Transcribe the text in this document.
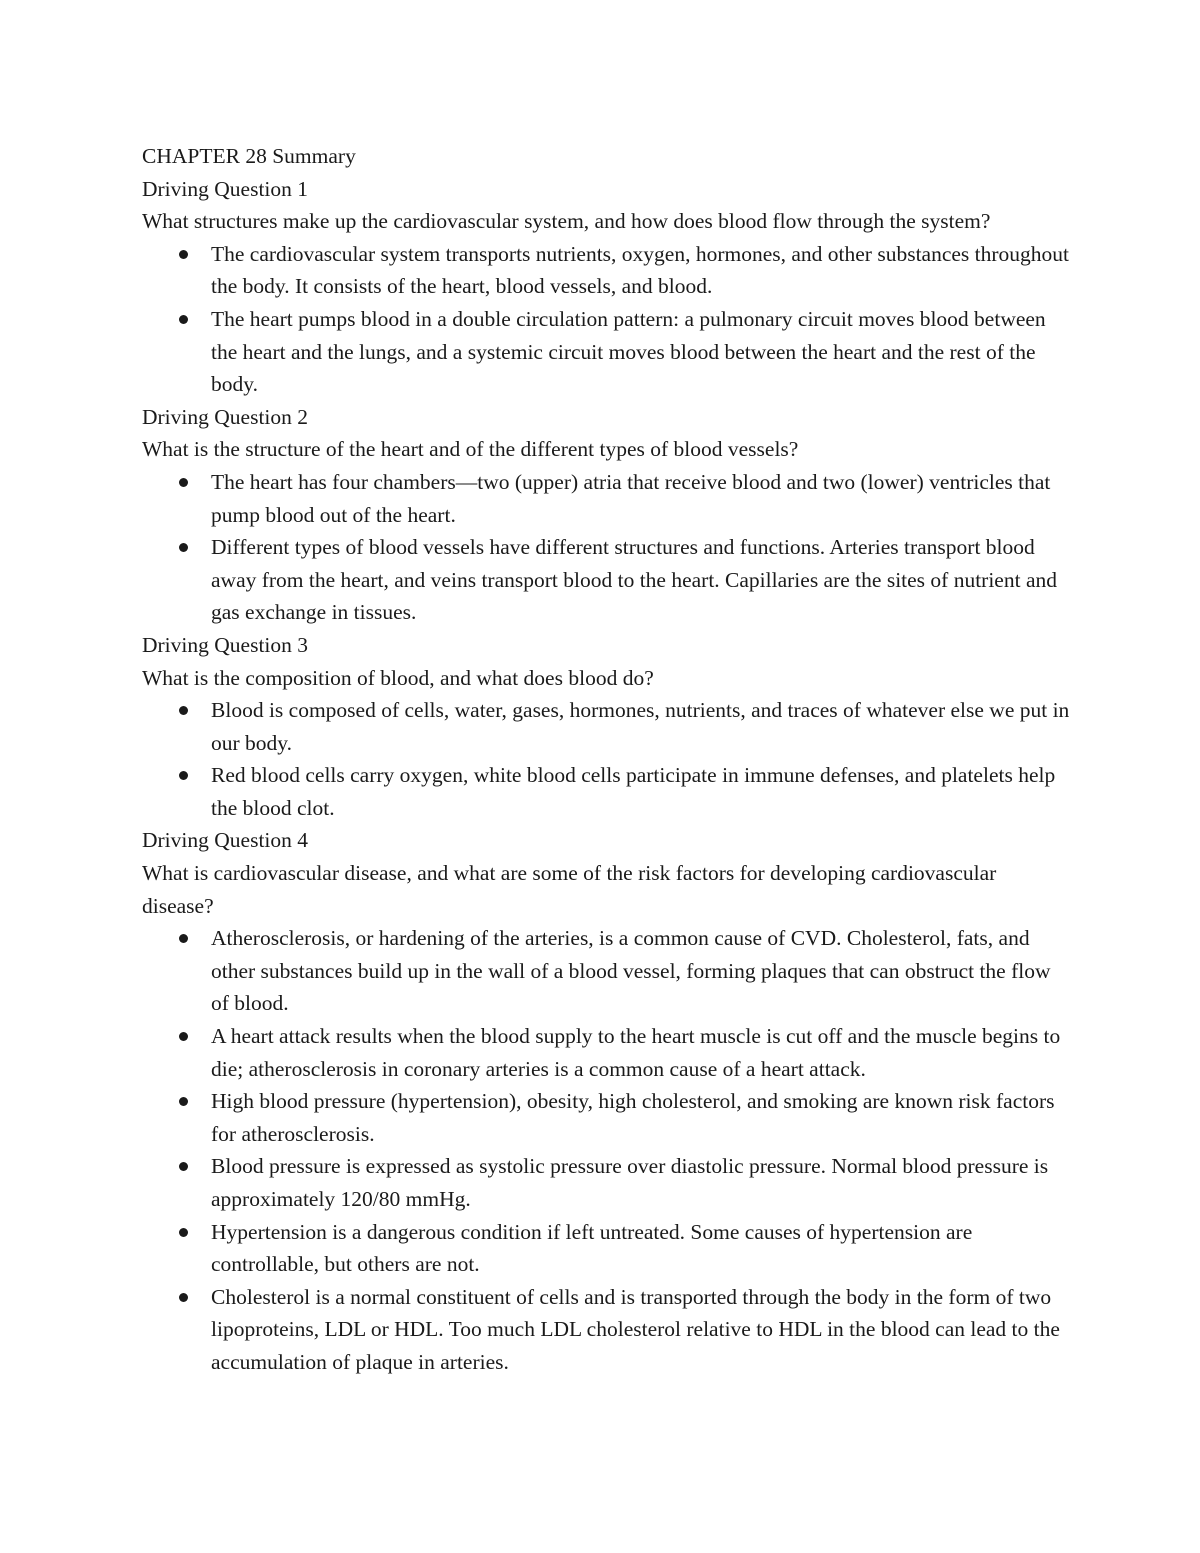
CHAPTER 28 Summary

Driving Question 1

What structures make up the cardiovascular system, and how does blood flow through the system?

The cardiovascular system transports nutrients, oxygen, hormones, and other substances throughout the body. It consists of the heart, blood vessels, and blood.
The heart pumps blood in a double circulation pattern: a pulmonary circuit moves blood between the heart and the lungs, and a systemic circuit moves blood between the heart and the rest of the body.

Driving Question 2

What is the structure of the heart and of the different types of blood vessels?

The heart has four chambers—two (upper) atria that receive blood and two (lower) ventricles that pump blood out of the heart.
Different types of blood vessels have different structures and functions. Arteries transport blood away from the heart, and veins transport blood to the heart. Capillaries are the sites of nutrient and gas exchange in tissues.

Driving Question 3

What is the composition of blood, and what does blood do?

Blood is composed of cells, water, gases, hormones, nutrients, and traces of whatever else we put in our body.
Red blood cells carry oxygen, white blood cells participate in immune defenses, and platelets help the blood clot.

Driving Question 4

What is cardiovascular disease, and what are some of the risk factors for developing cardiovascular disease?

Atherosclerosis, or hardening of the arteries, is a common cause of CVD. Cholesterol, fats, and other substances build up in the wall of a blood vessel, forming plaques that can obstruct the flow of blood.
A heart attack results when the blood supply to the heart muscle is cut off and the muscle begins to die; atherosclerosis in coronary arteries is a common cause of a heart attack.
High blood pressure (hypertension), obesity, high cholesterol, and smoking are known risk factors for atherosclerosis.
Blood pressure is expressed as systolic pressure over diastolic pressure. Normal blood pressure is approximately 120/80 mmHg.
Hypertension is a dangerous condition if left untreated. Some causes of hypertension are controllable, but others are not.
Cholesterol is a normal constituent of cells and is transported through the body in the form of two lipoproteins, LDL or HDL. Too much LDL cholesterol relative to HDL in the blood can lead to the accumulation of plaque in arteries.
